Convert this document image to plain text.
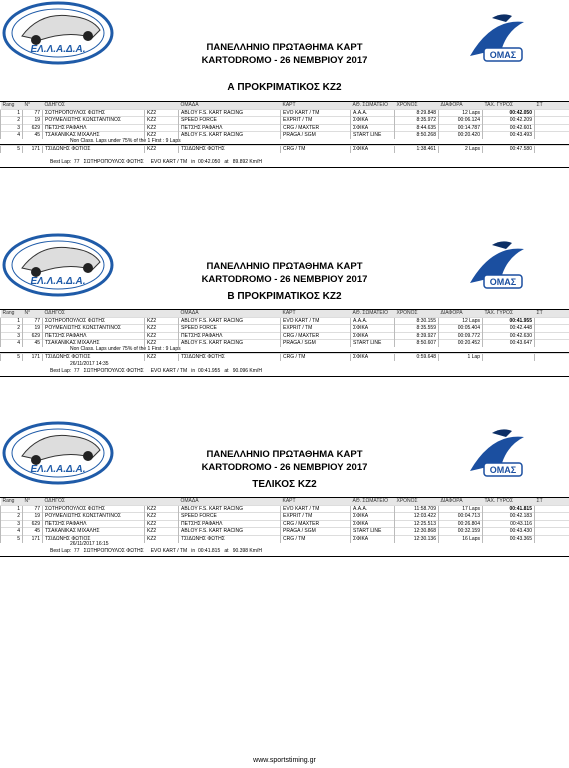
ΕΛ.Λ.Α.Δ.Α.	ΟΜΑΣ
ΠΑΝΕΛΛΗΝΙΟ ΠΡΩΤΑΘΗΜΑ ΚΑΡΤ
KARTODROMO - 26 ΝΕΜΒΡΙΟΥ 2017
Α ΠΡΟΚΡΙΜΑΤΙΚΟΣ KZ2
Rang	N°	ΟΔΗΓΟΣ		ΟΜΑΔΑ	ΚΑΡΤ	ΑΘ. ΣΩΜΑΤΕΙΟ	ΧΡΟΝΟΣ	ΔΙΑΦΟΡΑ	ΤΑΧ. ΓΥΡΟΣ	ΣΤ
1	77	ΣΩΤΗΡΟΠΟΥΛΟΣ ΦΩΤΗΣ	KZ2	ABLOY F.S. KART RACING	EVO KART / TM	Α.Α.Α.	8:29.848	12 Laps	00:42.050	
2	19	ΡΟΥΜΕΛΙΩΤΗΣ ΚΩΝΣΤΑΝΤΙΝΟΣ	KZ2	SPEED FORCE	EXPRIT / TM	ΣΦΙΚΑ	8:35.972	00:06.124	00:42.209	
3	629	ΠΕΤΣΗΣ ΡΑΦΑΗΛ	KZ2	ΠΕΤΣΗΣ ΡΑΦΑΗΛ	CRG / MAXTER	ΣΦΙΚΑ	8:44.635	00:14.787	00:42.601	
4	45	ΤΣΑΚΑΝΙΚΑΣ ΜΙΧΑΛΗΣ	KZ2	ABLOY F.S. KART RACING	PRAGA / SGM	START LINE	8:50.268	00:20.420	00:43.493	
Non Class. Laps under 75% of the 1 First : 9 Laps
5	171	ΤΣΙΔΩΝΗΣ ΦΩΤΙΟΣ	KZ2	ΤΣΙΔΩΝΗΣ ΦΩΤΗΣ	CRG / TM	ΣΦΙΚΑ	1:38.461	2 Laps	00:47.580	
Best Lap: 77 ΣΩΤΗΡΟΠΟΥΛΟΣ ΦΩΤΗΣ EVO KART / TM in 00:42.050 at 89.892 Km/H
ΕΛ.Λ.Α.Δ.Α.	ΟΜΑΣ
ΠΑΝΕΛΛΗΝΙΟ ΠΡΩΤΑΘΗΜΑ ΚΑΡΤ
KARTODROMO - 26 ΝΕΜΒΡΙΟΥ 2017
Β ΠΡΟΚΡΙΜΑΤΙΚΟΣ KZ2
Rang	N°	ΟΔΗΓΟΣ		ΟΜΑΔΑ	ΚΑΡΤ	ΑΘ. ΣΩΜΑΤΕΙΟ	ΧΡΟΝΟΣ	ΔΙΑΦΟΡΑ	ΤΑΧ. ΓΥΡΟΣ	ΣΤ
1	77	ΣΩΤΗΡΟΠΟΥΛΟΣ ΦΩΤΗΣ	KZ2	ABLOY F.S. KART RACING	EVO KART / TM	Α.Α.Α.	8:30.155	12 Laps	00:41.955	
2	19	ΡΟΥΜΕΛΙΩΤΗΣ ΚΩΝΣΤΑΝΤΙΝΟΣ	KZ2	SPEED FORCE	EXPRIT / TM	ΣΦΙΚΑ	8:35.559	00:05.404	00:42.448	
3	629	ΠΕΤΣΗΣ ΡΑΦΑΗΛ	KZ2	ΠΕΤΣΗΣ ΡΑΦΑΗΛ	CRG / MAXTER	ΣΦΙΚΑ	8:39.927	00:09.772	00:42.630	
4	45	ΤΣΑΚΑΝΙΚΑΣ ΜΙΧΑΛΗΣ	KZ2	ABLOY F.S. KART RACING	PRAGA / SGM	START LINE	8:50.607	00:20.452	00:43.647	
Non Class. Laps under 75% of the 1 First : 9 Laps
5	171	ΤΣΙΔΩΝΗΣ ΦΩΤΙΟΣ	KZ2	ΤΣΙΔΩΝΗΣ ΦΩΤΗΣ	CRG / TM	ΣΦΙΚΑ	0:59.648	1 Lap		
26/11/2017 14:35
Best Lap: 77 ΣΩΤΗΡΟΠΟΥΛΟΣ ΦΩΤΗΣ EVO KART / TM in 00:41.955 at 90.096 Km/H
ΕΛ.Λ.Α.Δ.Α.	ΟΜΑΣ
ΠΑΝΕΛΛΗΝΙΟ ΠΡΩΤΑΘΗΜΑ ΚΑΡΤ
KARTODROMO - 26 ΝΕΜΒΡΙΟΥ 2017
ΤΕΛΙΚΟΣ KZ2
Rang	N°	ΟΔΗΓΟΣ		ΟΜΑΔΑ	ΚΑΡΤ	ΑΘ. ΣΩΜΑΤΕΙΟ	ΧΡΟΝΟΣ	ΔΙΑΦΟΡΑ	ΤΑΧ. ΓΥΡΟΣ	ΣΤ
1	77	ΣΩΤΗΡΟΠΟΥΛΟΣ ΦΩΤΗΣ	KZ2	ABLOY F.S. KART RACING	EVO KART / TM	Α.Α.Α.	11:58.709	17 Laps	00:41.815	
2	19	ΡΟΥΜΕΛΙΩΤΗΣ ΚΩΝΣΤΑΝΤΙΝΟΣ	KZ2	SPEED FORCE	EXPRIT / TM	ΣΦΙΚΑ	12:03.422	00:04.713	00:42.183	
3	629	ΠΕΤΣΗΣ ΡΑΦΑΗΛ	KZ2	ΠΕΤΣΗΣ ΡΑΦΑΗΛ	CRG / MAXTER	ΣΦΙΚΑ	12:25.513	00:26.804	00:43.116	
4	45	ΤΣΑΚΑΝΙΚΑΣ ΜΙΧΑΛΗΣ	KZ2	ABLOY F.S. KART RACING	PRAGA / SGM	START LINE	12:30.868	00:32.159	00:43.430	
5	171	ΤΣΙΔΩΝΗΣ ΦΩΤΙΟΣ	KZ2	ΤΣΙΔΩΝΗΣ ΦΩΤΗΣ	CRG / TM	ΣΦΙΚΑ	12:30.136	16 Laps	00:43.365	
26/11/2017 16:15
Best Lap: 77 ΣΩΤΗΡΟΠΟΥΛΟΣ ΦΩΤΗΣ EVO KART / TM in 00:41.815 at 90.398 Km/H
www.sportstiming.gr
